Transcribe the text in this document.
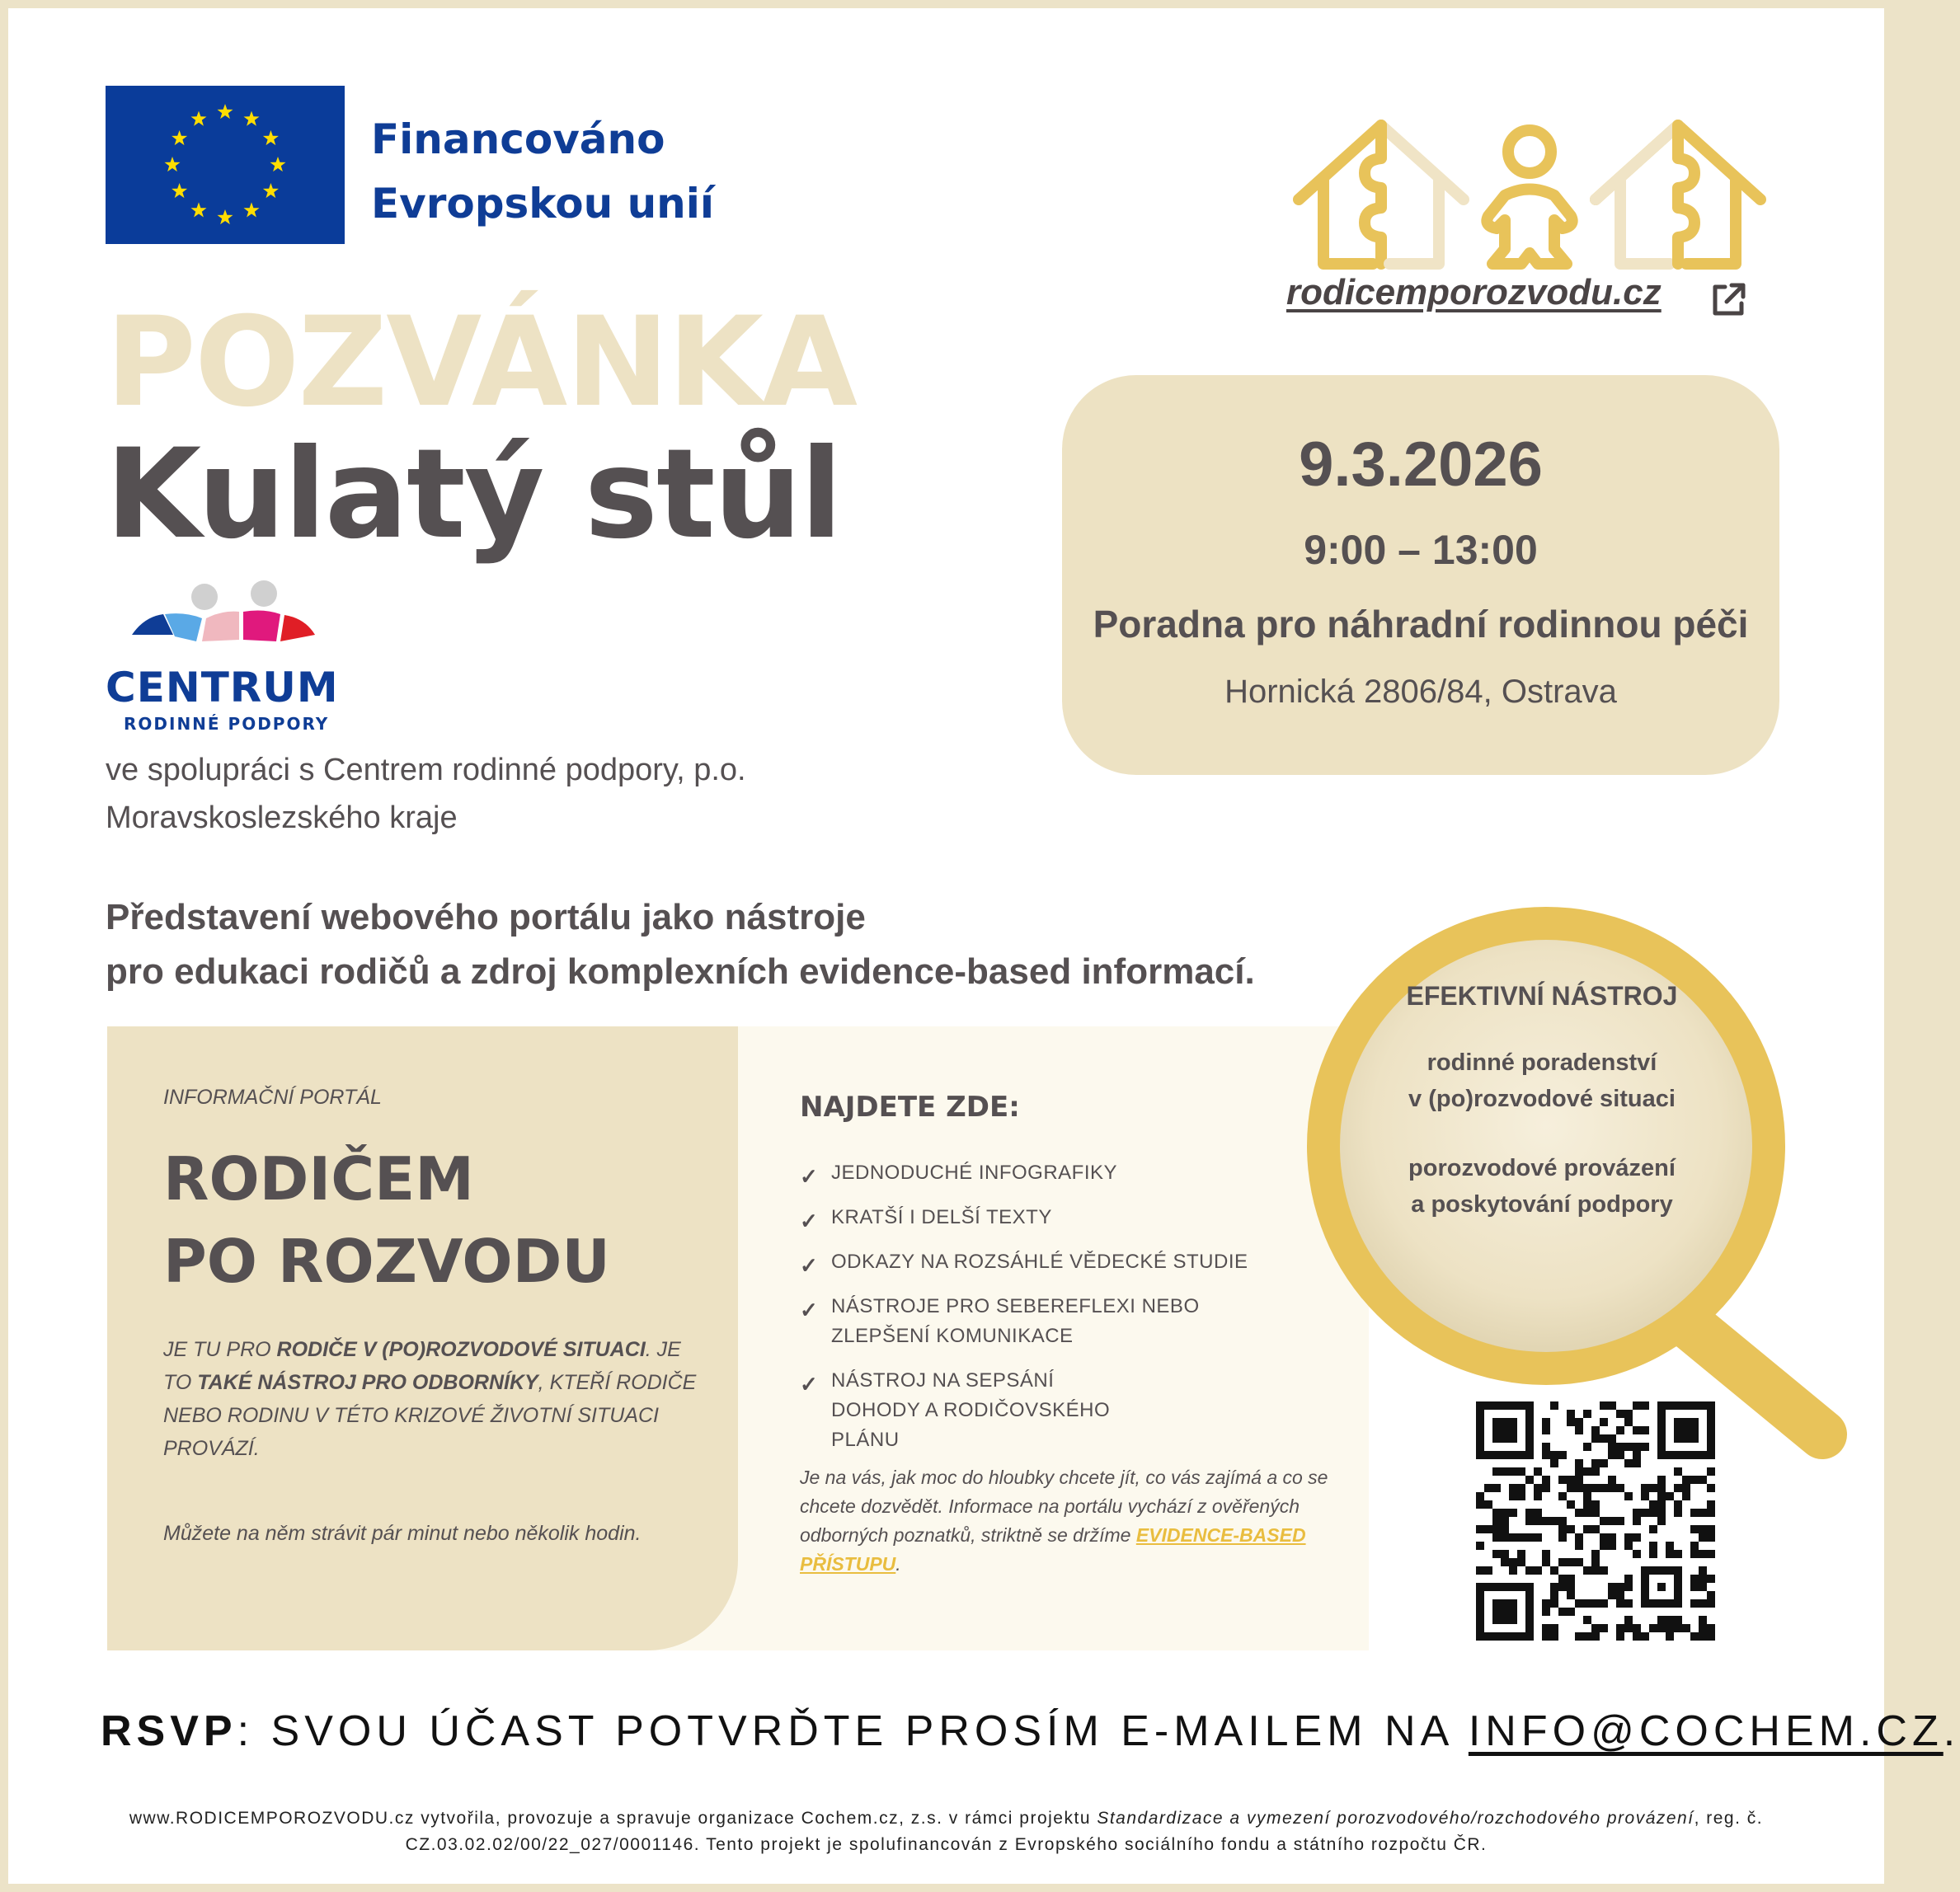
Financováno
Evropskou unií
rodicemporozvodu.cz
POZVÁNKA
Kulatý stůl	9.3.2026
9:00 – 13:00
Poradna pro náhradní rodinnou péči
Hornická 2806/84, Ostrava
CENTRUM
RODINNÉ PODPORY
ve spolupráci s Centrem rodinné podpory, p.o.
Moravskoslezského kraje
Představení webového portálu jako nástroje
pro edukaci rodičů a zdroj komplexních evidence-based informací.
INFORMAČNÍ PORTÁL
RODIČEM
PO ROZVODU
JE TU PRO RODIČE V (PO)ROZVODOVÉ SITUACI. JE TO TAKÉ NÁSTROJ PRO ODBORNÍKY, KTEŘÍ RODIČE NEBO RODINU V TÉTO KRIZOVÉ ŽIVOTNÍ SITUACI PROVÁZÍ.
Můžete na něm strávit pár minut nebo několik hodin.
NAJDETE ZDE:
✓ JEDNODUCHÉ INFOGRAFIKY
✓ KRATŠÍ I DELŠÍ TEXTY
✓ ODKAZY NA ROZSÁHLÉ VĚDECKÉ STUDIE
✓ NÁSTROJE PRO SEBEREFLEXI NEBO ZLEPŠENÍ KOMUNIKACE
✓ NÁSTROJ NA SEPSÁNÍ DOHODY A RODIČOVSKÉHO PLÁNU
Je na vás, jak moc do hloubky chcete jít, co vás zajímá a co se chcete dozvědět. Informace na portálu vychází z ověřených odborných poznatků, striktně se držíme EVIDENCE-BASED PŘÍSTUPU.
EFEKTIVNÍ NÁSTROJ
rodinné poradenství
v (po)rozvodové situaci
porozvodové provázení
a poskytování podpory
RSVP: SVOU ÚČAST POTVRĎTE PROSÍM E-MAILEM NA INFO@COCHEM.CZ.
www.RODICEMPOROZVODU.cz vytvořila, provozuje a spravuje organizace Cochem.cz, z.s. v rámci projektu Standardizace a vymezení porozvodového/rozchodového provázení, reg. č. CZ.03.02.02/00/22_027/0001146. Tento projekt je spolufinancován z Evropského sociálního fondu a státního rozpočtu ČR.
